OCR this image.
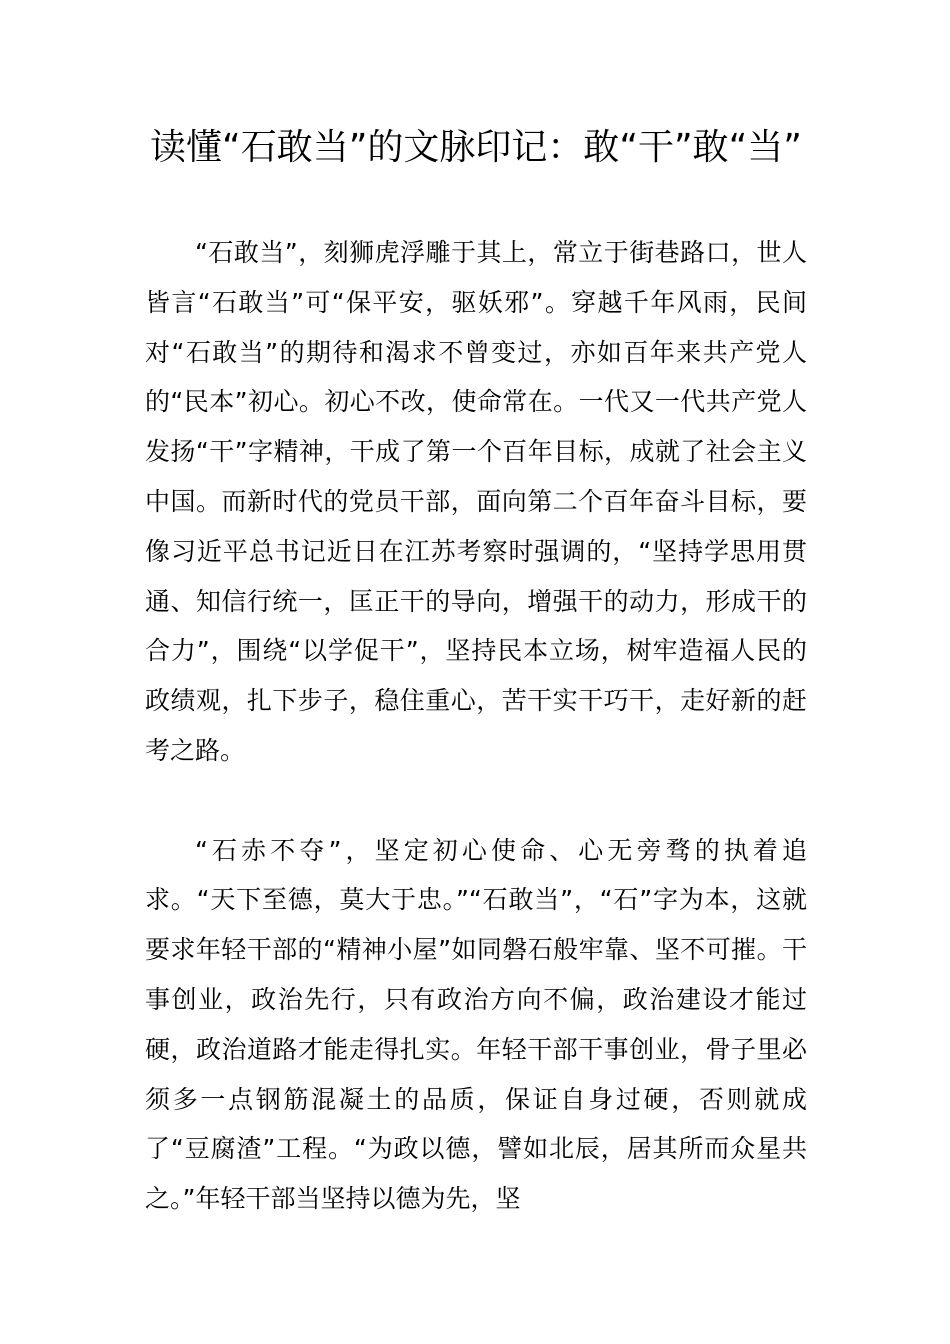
读懂“石敢当”的文脉印记：敢“干”敢“当”

“石敢当”，刻狮虎浮雕于其上，常立于街巷路口，世人皆言“石敢当”可“保平安，驱妖邪”。穿越千年风雨，民间对“石敢当”的期待和渴求不曾变过，亦如百年来共产党人的“民本”初心。初心不改，使命常在。一代又一代共产党人发扬“干”字精神，干成了第一个百年目标，成就了社会主义中国。而新时代的党员干部，面向第二个百年奋斗目标，要像习近平总书记近日在江苏考察时强调的，“坚持学思用贯通、知信行统一，匡正干的导向，增强干的动力，形成干的合力”，围绕“以学促干”，坚持民本立场，树牢造福人民的政绩观，扎下步子，稳住重心，苦干实干巧干，走好新的赶考之路。

“石赤不夺”，坚定初心使命、心无旁骛的执着追求。“天下至德，莫大于忠。”“石敢当”，“石”字为本，这就要求年轻干部的“精神小屋”如同磐石般牢靠、坚不可摧。干事创业，政治先行，只有政治方向不偏，政治建设才能过硬，政治道路才能走得扎实。年轻干部干事创业，骨子里必须多一点钢筋混凝土的品质，保证自身过硬，否则就成了“豆腐渣”工程。“为政以德，譬如北辰，居其所而众星共之。”年轻干部当坚持以德为先，坚
